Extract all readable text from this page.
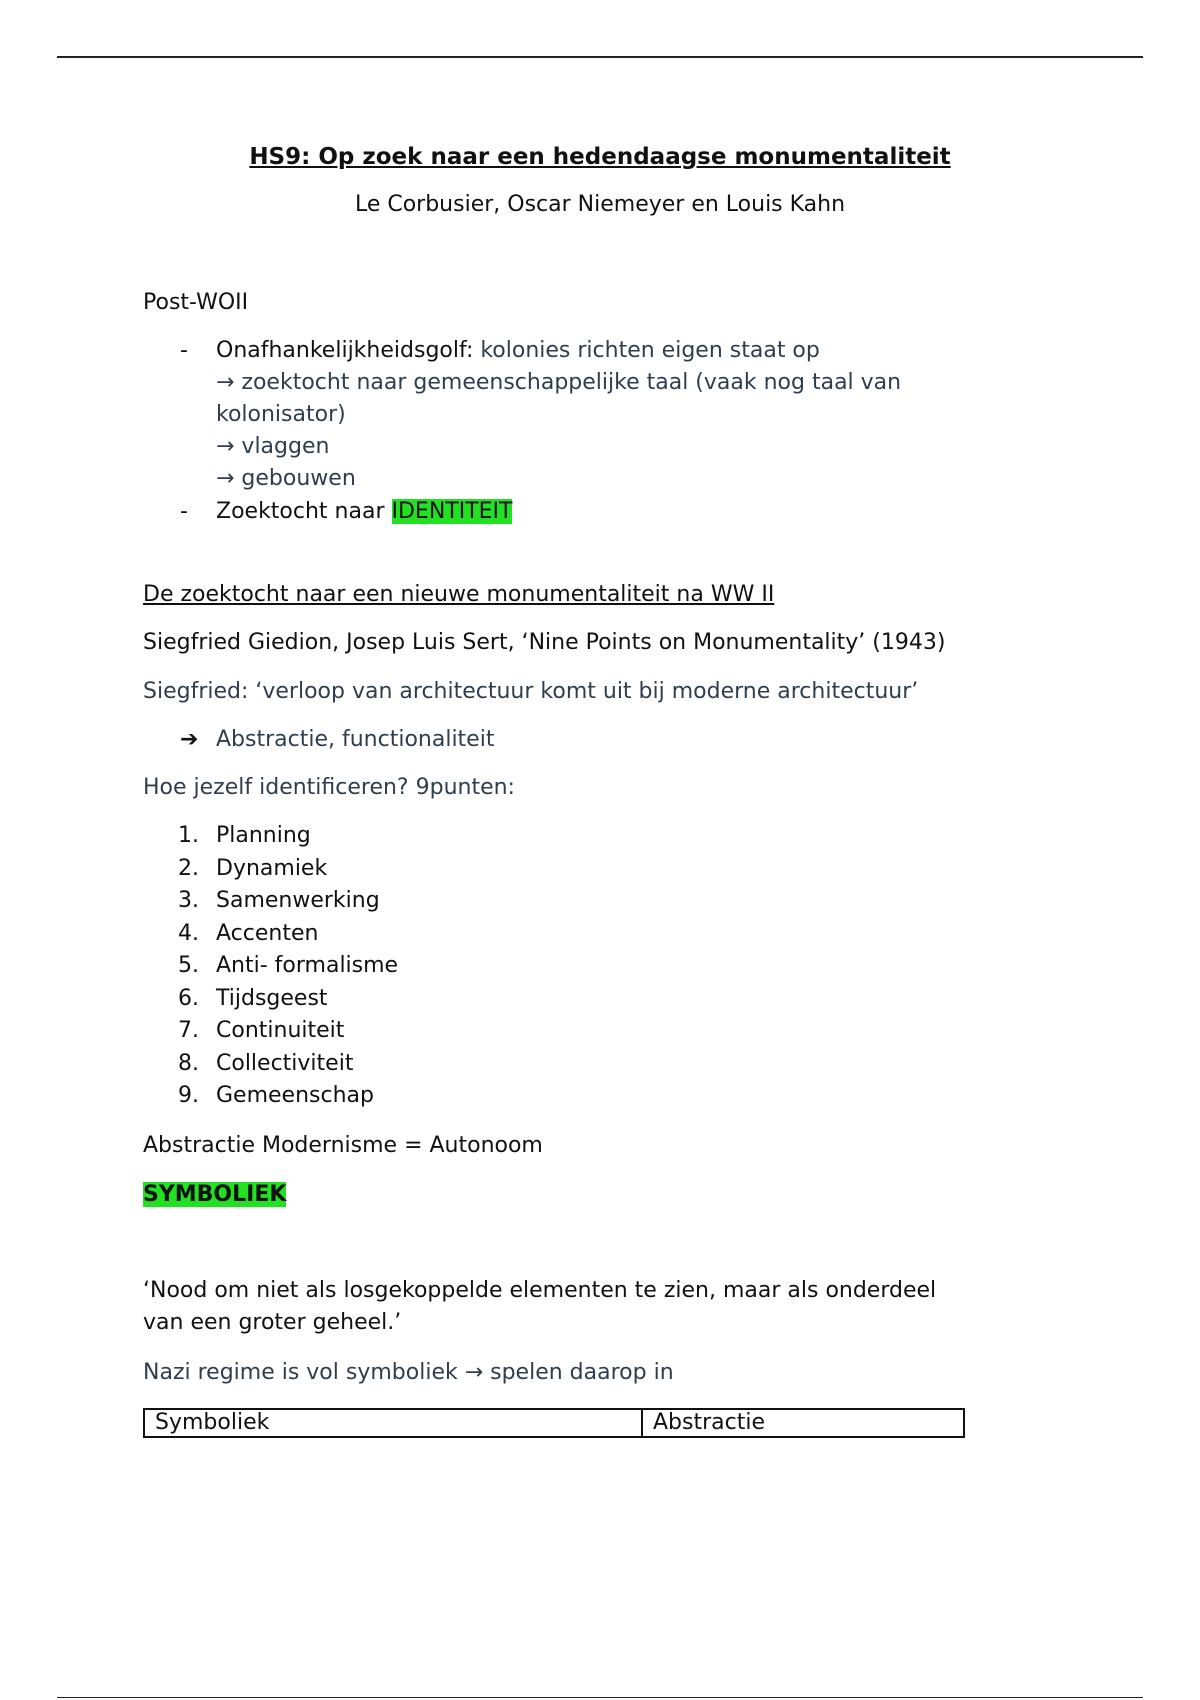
HS9: Op zoek naar een hedendaagse monumentaliteit
Le Corbusier, Oscar Niemeyer en Louis Kahn
Post-WOII
- Onafhankelijkheidsgolf: kolonies richten eigen staat op
→ zoektocht naar gemeenschappelijke taal (vaak nog taal van
kolonisator)
→ vlaggen
→ gebouwen
- Zoektocht naar IDENTITEIT
De zoektocht naar een nieuwe monumentaliteit na WW II
Siegfried Giedion, Josep Luis Sert, ‘Nine Points on Monumentality’ (1943)
Siegfried: ‘verloop van architectuur komt uit bij moderne architectuur’
➔ Abstractie, functionaliteit
Hoe jezelf identificeren? 9punten:
1. Planning
2. Dynamiek
3. Samenwerking
4. Accenten
5. Anti- formalisme
6. Tijdsgeest
7. Continuiteit
8. Collectiviteit
9. Gemeenschap
Abstractie Modernisme = Autonoom
SYMBOLIEK
‘Nood om niet als losgekoppelde elementen te zien, maar als onderdeel
van een groter geheel.’
Nazi regime is vol symboliek → spelen daarop in
Symboliek	Abstractie
